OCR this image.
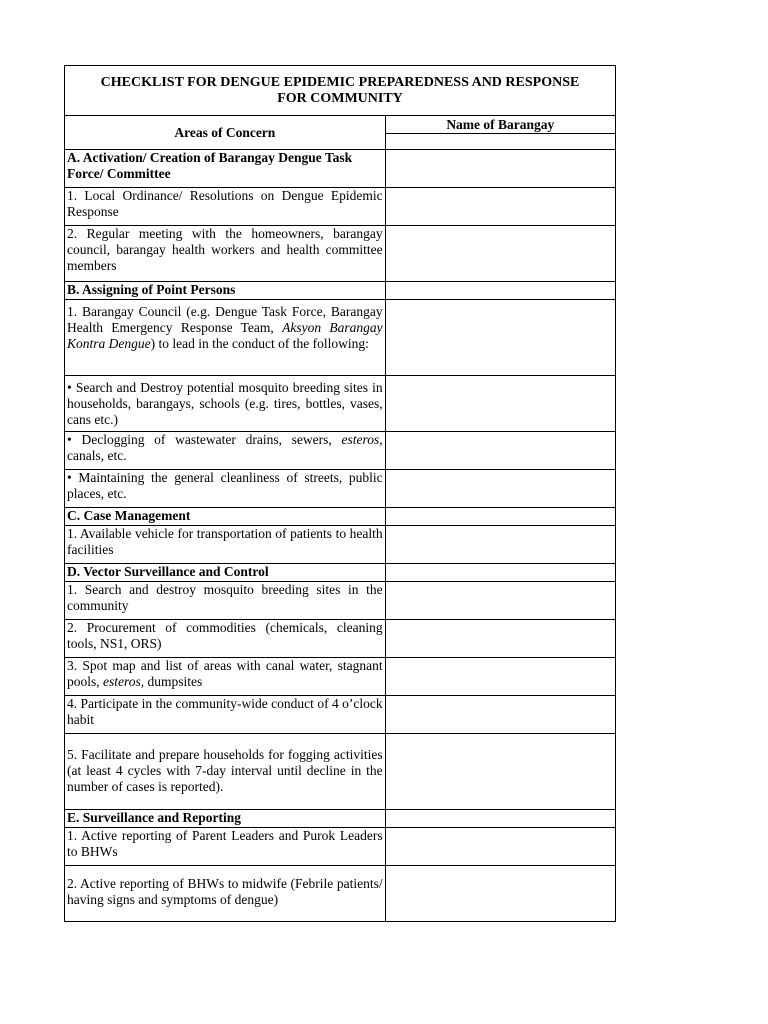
CHECKLIST FOR DENGUE EPIDEMIC PREPAREDNESS AND RESPONSE
FOR COMMUNITY	
Areas of Concern	Name of Barangay

A. Activation/ Creation of Barangay Dengue Task Force/ Committee	
1. Local Ordinance/ Resolutions on Dengue Epidemic Response	
2. Regular meeting with the homeowners, barangay council, barangay health workers and health committee members	
B. Assigning of Point Persons	
1. Barangay Council (e.g. Dengue Task Force, Barangay Health Emergency Response Team, Aksyon Barangay Kontra Dengue) to lead in the conduct of the following:	
• Search and Destroy potential mosquito breeding sites in households, barangays, schools (e.g. tires, bottles, vases, cans etc.)	
• Declogging of wastewater drains, sewers, esteros, canals, etc.	
• Maintaining the general cleanliness of streets, public places, etc.	
C. Case Management	
1. Available vehicle for transportation of patients to health facilities	
D. Vector Surveillance and Control	
1. Search and destroy mosquito breeding sites in the community	
2. Procurement of commodities (chemicals, cleaning tools, NS1, ORS)	
3. Spot map and list of areas with canal water, stagnant pools, esteros, dumpsites	
4. Participate in the community-wide conduct of 4 o’clock habit	
5. Facilitate and prepare households for fogging activities (at least 4 cycles with 7-day interval until decline in the number of cases is reported).	
E. Surveillance and Reporting	
1. Active reporting of Parent Leaders and Purok Leaders to BHWs	
2. Active reporting of BHWs to midwife (Febrile patients/ having signs and symptoms of dengue)	
